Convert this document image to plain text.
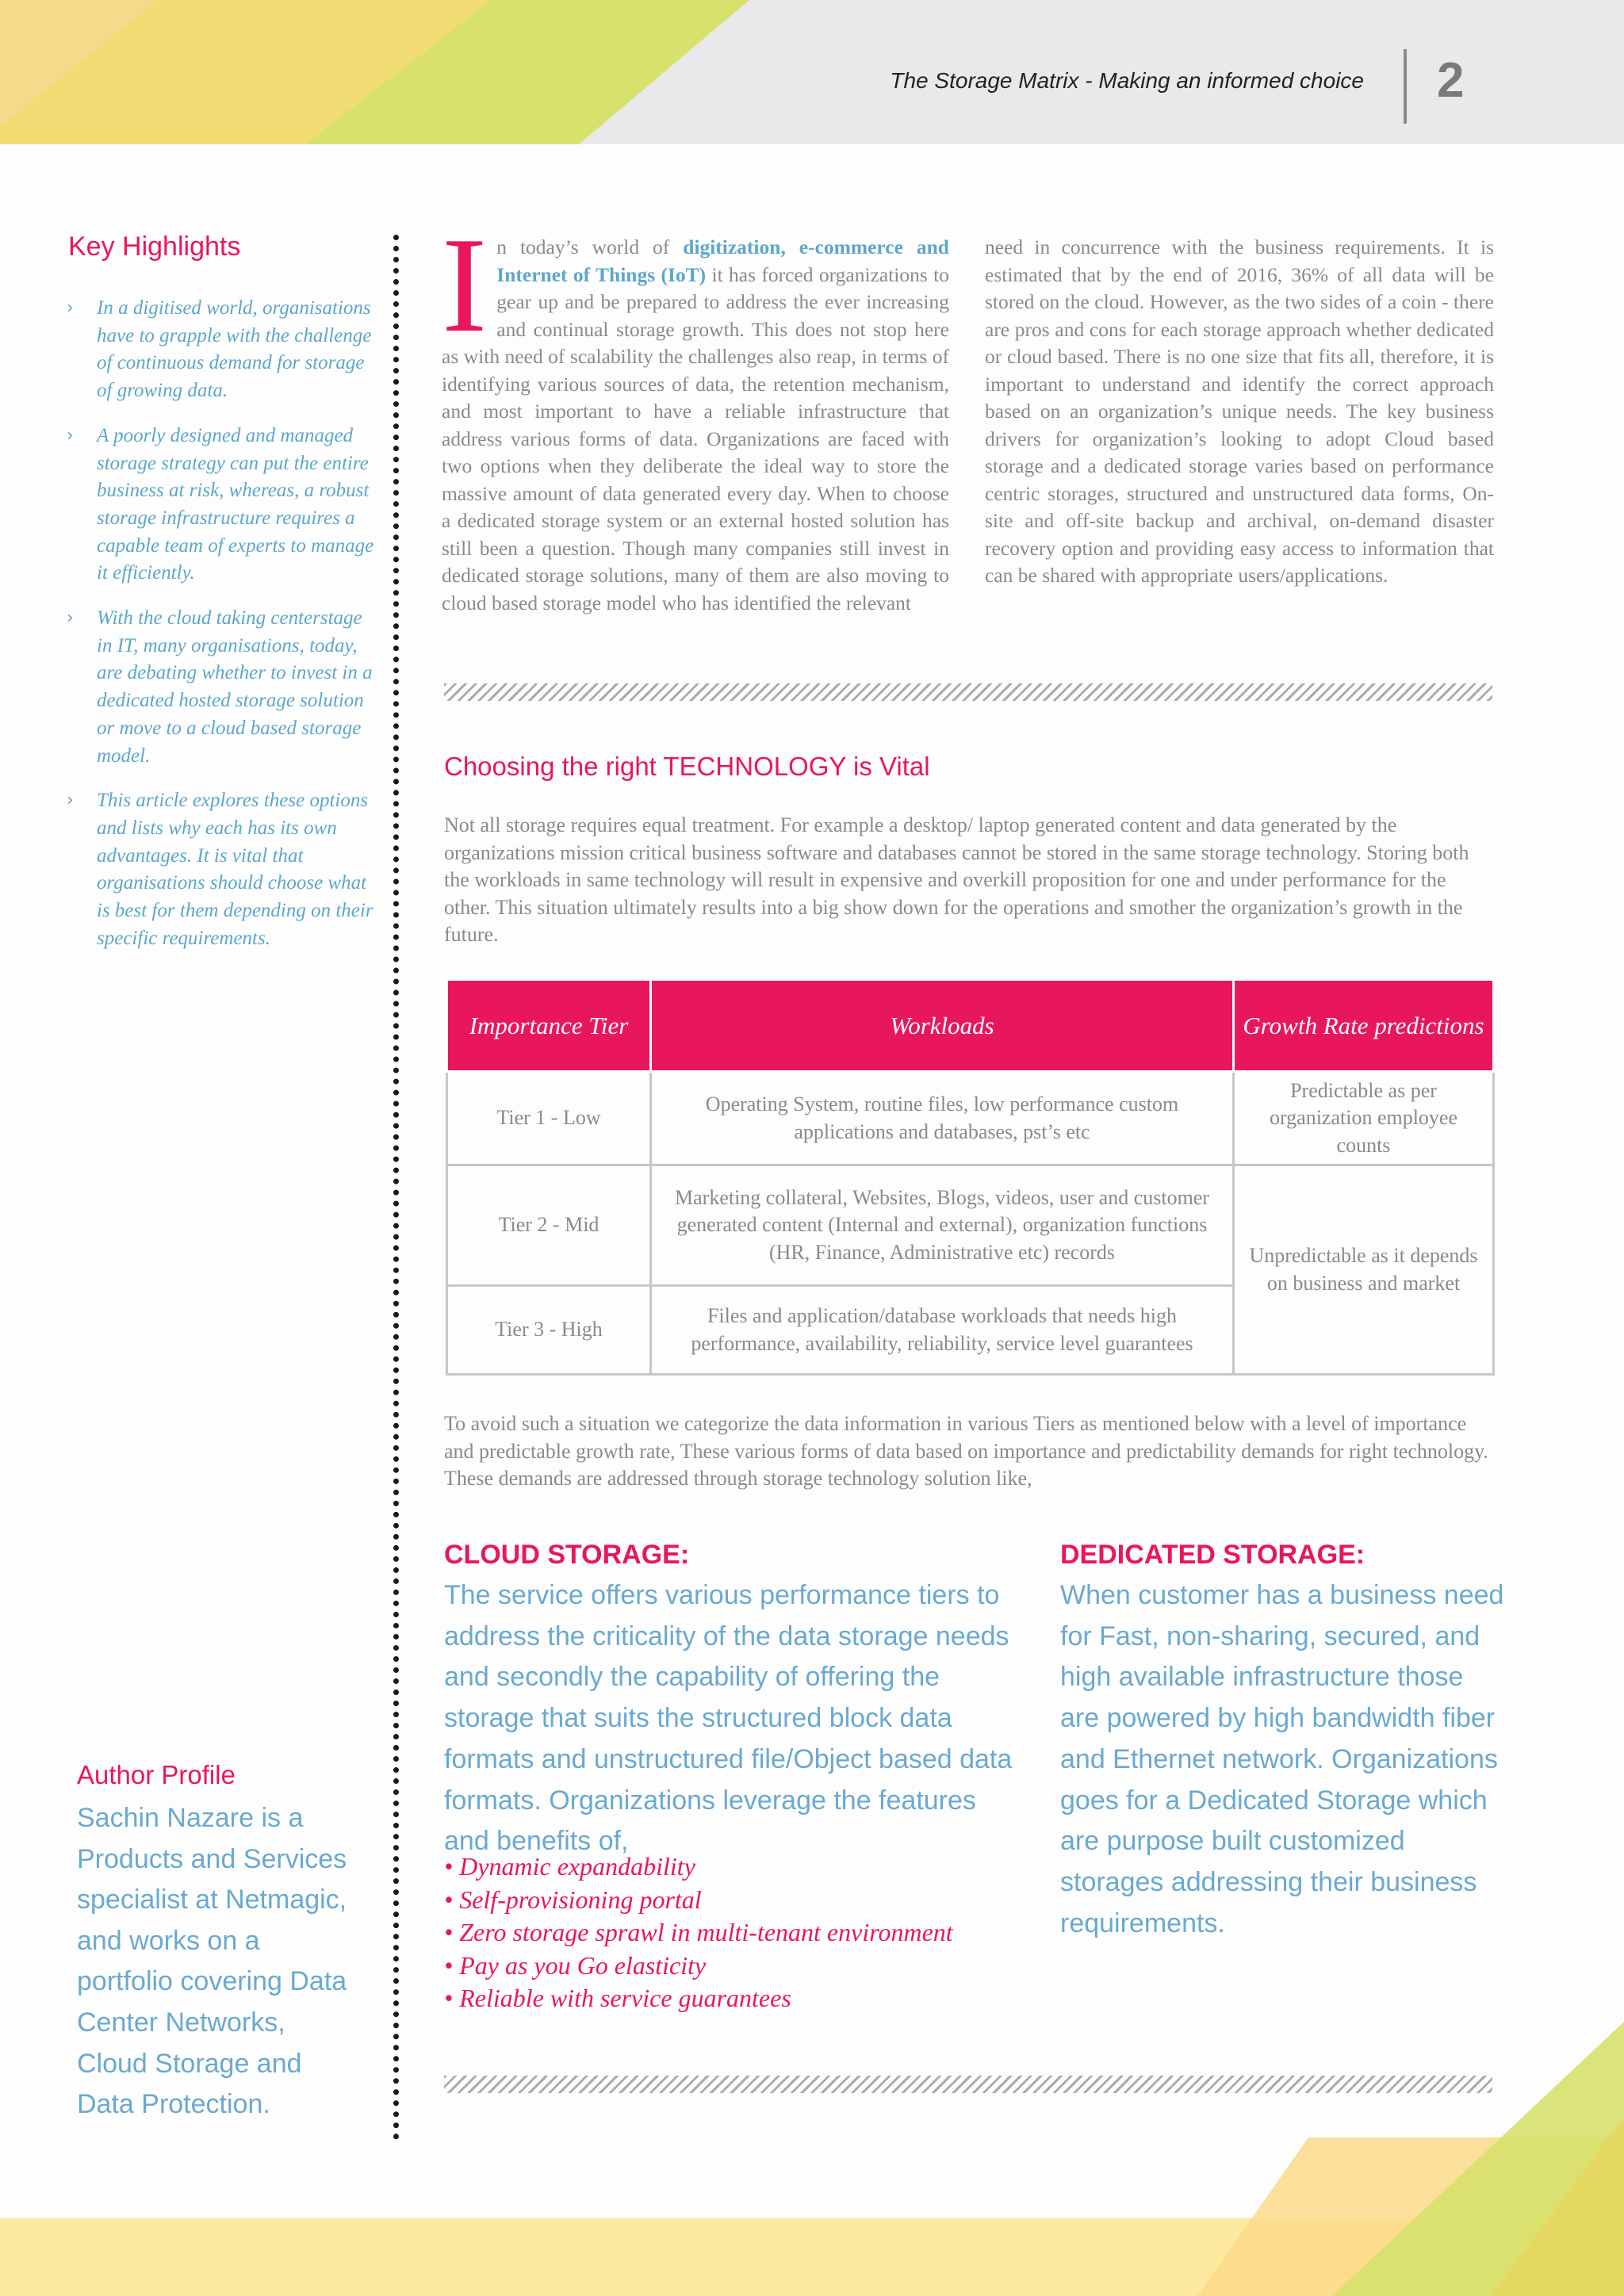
The Storage Matrix - Making an informed choice 2
Key Highlights
› In a digitised world, organisations have to grapple with the challenge of continuous demand for storage of growing data.
› A poorly designed and managed storage strategy can put the entire business at risk, whereas, a robust storage infrastructure requires a capable team of experts to manage it efficiently.
› With the cloud taking centerstage in IT, many organisations, today, are debating whether to invest in a dedicated hosted storage solution or move to a cloud based storage model.
› This article explores these options and lists why each has its own advantages. It is vital that organisations should choose what is best for them depending on their specific requirements.
Author Profile
Sachin Nazare is a Products and Services specialist at Netmagic, and works on a portfolio covering Data Center Networks, Cloud Storage and Data Protection.
In today’s world of digitization, e-commerce and Internet of Things (IoT) it has forced organizations to gear up and be prepared to address the ever increasing and continual storage growth. This does not stop here as with need of scalability the challenges also reap, in terms of identifying various sources of data, the retention mechanism, and most important to have a reliable infrastructure that address various forms of data. Organizations are faced with two options when they deliberate the ideal way to store the massive amount of data generated every day. When to choose a dedicated storage system or an external hosted solution has still been a question. Though many companies still invest in dedicated storage solutions, many of them are also moving to cloud based storage model who has identified the relevant
need in concurrence with the business requirements. It is estimated that by the end of 2016, 36% of all data will be stored on the cloud. However, as the two sides of a coin - there are pros and cons for each storage approach whether dedicated or cloud based. There is no one size that fits all, therefore, it is important to understand and identify the correct approach based on an organization’s unique needs. The key business drivers for organization’s looking to adopt Cloud based storage and a dedicated storage varies based on performance centric storages, structured and unstructured data forms, On-site and off-site backup and archival, on-demand disaster recovery option and providing easy access to information that can be shared with appropriate users/applications.
Choosing the right TECHNOLOGY is Vital
Not all storage requires equal treatment. For example a desktop/ laptop generated content and data generated by the organizations mission critical business software and databases cannot be stored in the same storage technology. Storing both the workloads in same technology will result in expensive and overkill proposition for one and under performance for the other. This situation ultimately results into a big show down for the operations and smother the organization’s growth in the future.
Importance Tier	Workloads	Growth Rate predictions
Tier 1 - Low	Operating System, routine files, low performance custom applications and databases, pst’s etc	Predictable as per organization employee counts
Tier 2 - Mid	Marketing collateral, Websites, Blogs, videos, user and customer generated content (Internal and external), organization functions (HR, Finance, Administrative etc) records	Unpredictable as it depends on business and market
Tier 3 - High	Files and application/database workloads that needs high performance, availability, reliability, service level guarantees	
To avoid such a situation we categorize the data information in various Tiers as mentioned below with a level of importance and predictable growth rate, These various forms of data based on importance and predictability demands for right technology. These demands are addressed through storage technology solution like,
CLOUD STORAGE:
The service offers various performance tiers to address the criticality of the data storage needs and secondly the capability of offering the storage that suits the structured block data formats and unstructured file/Object based data formats. Organizations leverage the features and benefits of,
• Dynamic expandability
• Self-provisioning portal
• Zero storage sprawl in multi-tenant environment
• Pay as you Go elasticity
• Reliable with service guarantees
DEDICATED STORAGE:
When customer has a business need for Fast, non-sharing, secured, and high available infrastructure those are powered by high bandwidth fiber and Ethernet network. Organizations goes for a Dedicated Storage which are purpose built customized storages addressing their business requirements.
